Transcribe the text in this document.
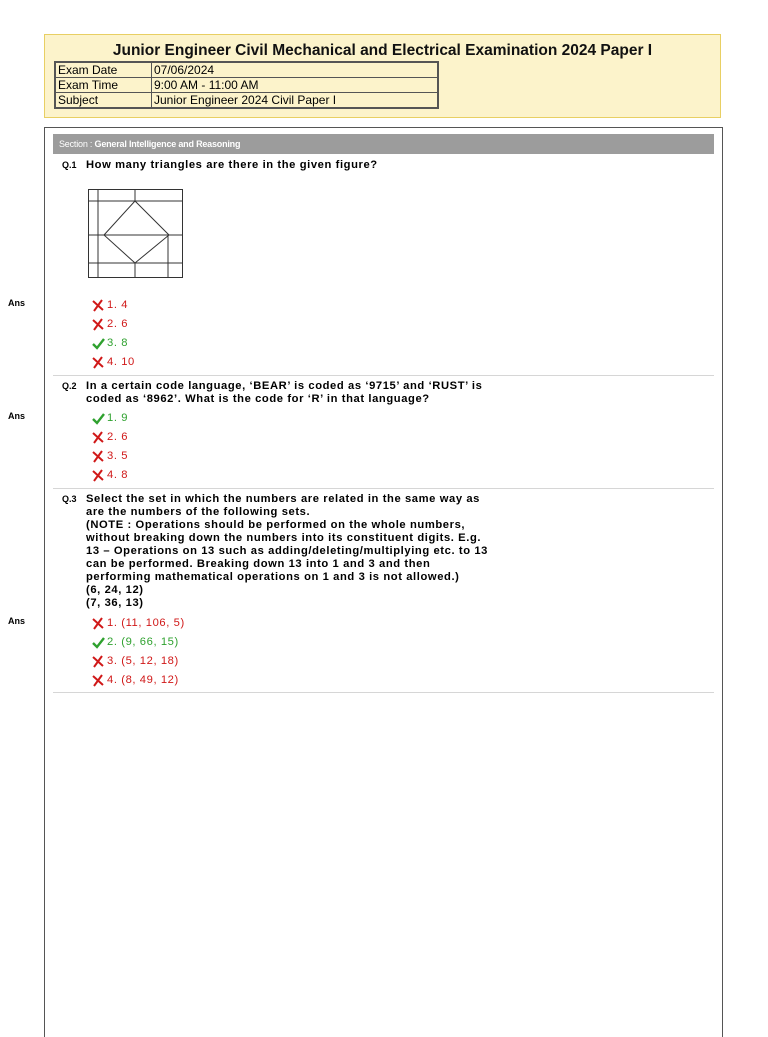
Junior Engineer Civil Mechanical and Electrical Examination 2024 Paper I
Exam Date	07/06/2024
Exam Time	9:00 AM - 11:00 AM
Subject	Junior Engineer 2024 Civil Paper I
Section : General Intelligence and Reasoning
Q.1 How many triangles are there in the given figure?
Ans	1. 4
2. 6
3. 8
4. 10
Q.2 In a certain code language, ‘BEAR’ is coded as ‘9715’ and ‘RUST’ is
coded as ‘8962’. What is the code for ‘R’ in that language?
Ans	1. 9
2. 6
3. 5
4. 8
Q.3 Select the set in which the numbers are related in the same way as
are the numbers of the following sets.
(NOTE : Operations should be performed on the whole numbers,
without breaking down the numbers into its constituent digits. E.g.
13 – Operations on 13 such as adding/deleting/multiplying etc. to 13
can be performed. Breaking down 13 into 1 and 3 and then
performing mathematical operations on 1 and 3 is not allowed.)
(6, 24, 12)
(7, 36, 13)
Ans	1. (11, 106, 5)
2. (9, 66, 15)
3. (5, 12, 18)
4. (8, 49, 12)
